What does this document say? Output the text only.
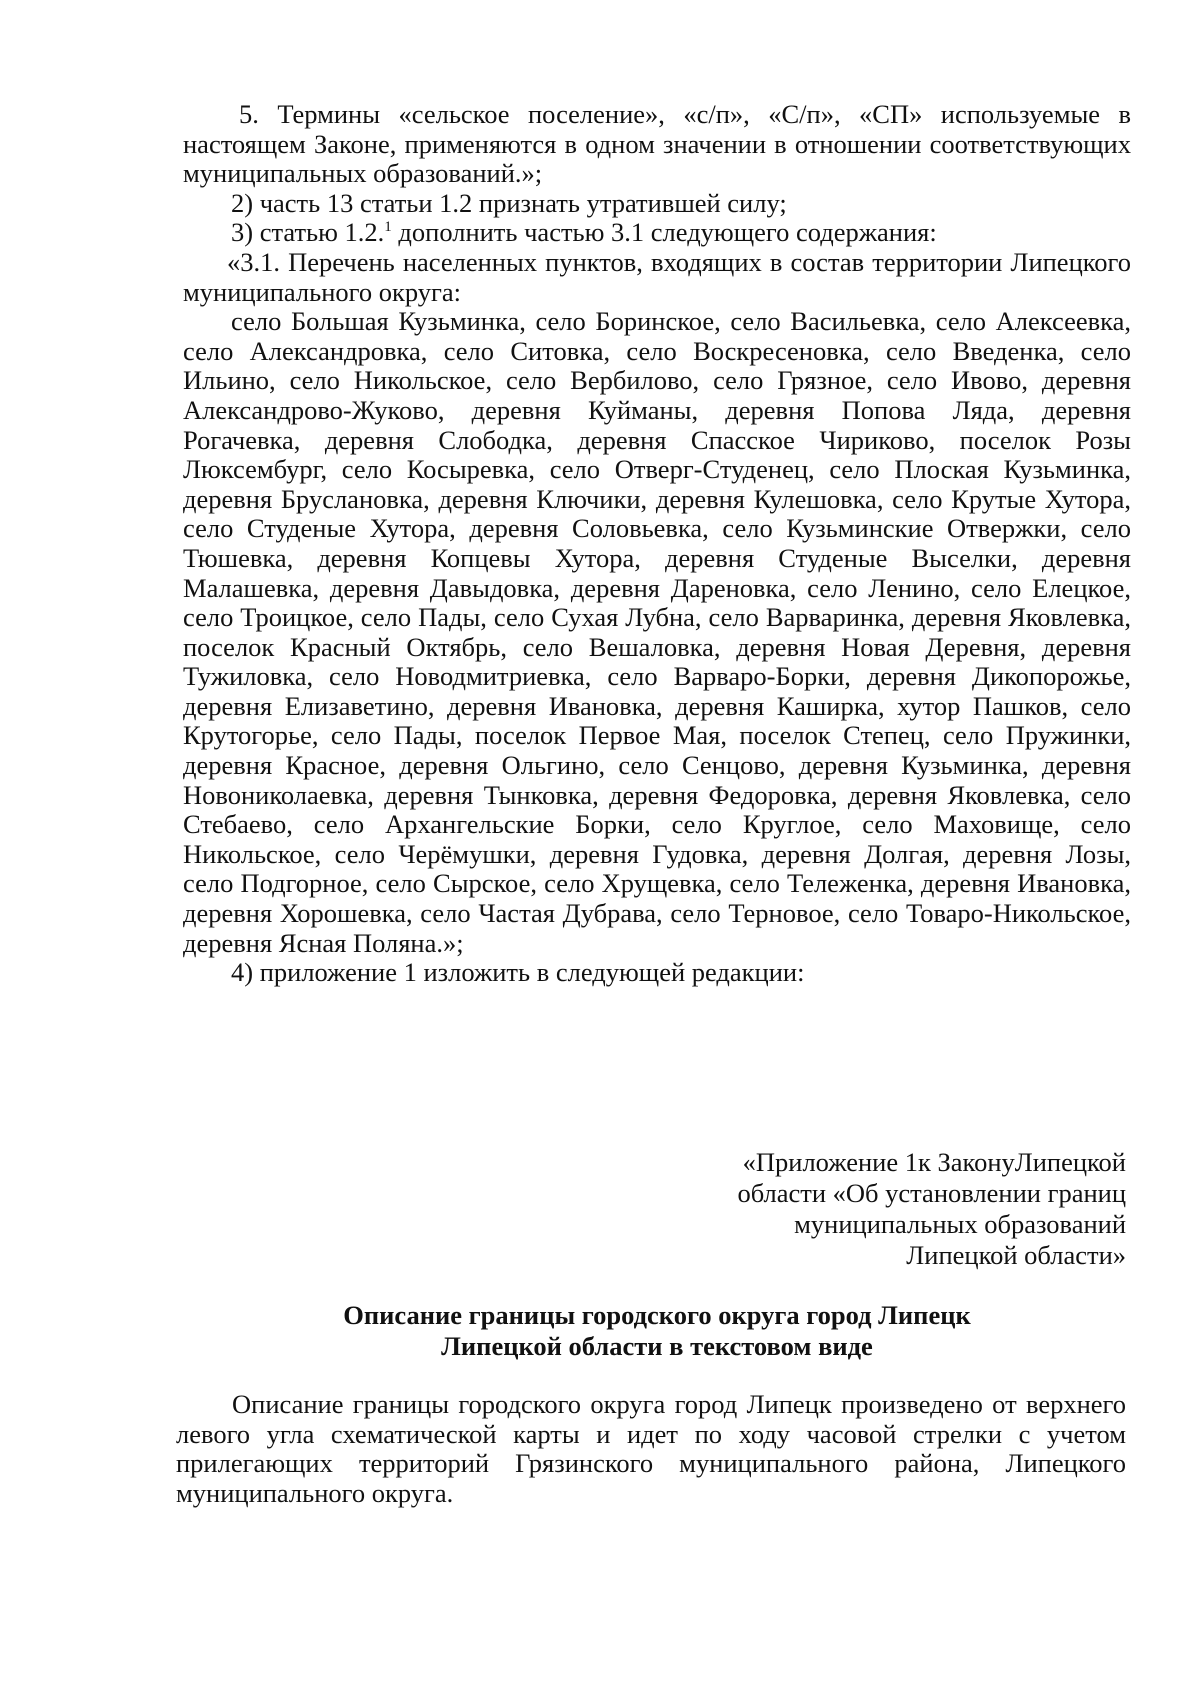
5. Термины «сельское поселение», «с/п», «С/п», «СП» используемые в настоящем Законе, применяются в одном значении в отношении соответствующих муниципальных образований.»;

2) часть 13 статьи 1.2 признать утратившей силу;

3) статью 1.2.$^1$ дополнить частью 3.1 следующего содержания:

«3.1. Перечень населенных пунктов, входящих в состав территории Липецкого муниципального округа:

село Большая Кузьминка, село Боринское, село Васильевка, село Алексеевка, село Александровка, село Ситовка, село Воскресеновка, село Введенка, село Ильино, село Никольское, село Вербилово, село Грязное, село Ивово, деревня Александрово-Жуково, деревня Куйманы, деревня Попова Ляда, деревня Рогачевка, деревня Слободка, деревня Спасское Чириково, поселок Розы Люксембург, село Косыревка, село Отверг-Студенец, село Плоская Кузьминка, деревня Бруслановка, деревня Ключики, деревня Кулешовка, село Крутые Хутора, село Студеные Хутора, деревня Соловьевка, село Кузьминские Отвержки, село Тюшевка, деревня Копцевы Хутора, деревня Студеные Выселки, деревня Малашевка, деревня Давыдовка, деревня Дареновка, село Ленино, село Елецкое, село Троицкое, село Пады, село Сухая Лубна, село Варваринка, деревня Яковлевка, поселок Красный Октябрь, село Вешаловка, деревня Новая Деревня, деревня Тужиловка, село Новодмитриевка, село Варваро-Борки, деревня Дикопорожье, деревня Елизаветино, деревня Ивановка, деревня Каширка, хутор Пашков, село Крутогорье, село Пады, поселок Первое Мая, поселок Степец, село Пружинки, деревня Красное, деревня Ольгино, село Сенцово, деревня Кузьминка, деревня Новониколаевка, деревня Тынковка, деревня Федоровка, деревня Яковлевка, село Стебаево, село Архангельские Борки, село Круглое, село Маховище, село Никольское, село Черёмушки, деревня Гудовка, деревня Долгая, деревня Лозы, село Подгорное, село Сырское, село Хрущевка, село Тележенка, деревня Ивановка, деревня Хорошевка, село Частая Дубрава, село Терновое, село Товаро-Никольское, деревня Ясная Поляна.»;

4) приложение 1 изложить в следующей редакции:

«Приложение 1к ЗаконуЛипецкой
области «Об установлении границ
муниципальных образований
Липецкой области»
Описание границы городского округа город Липецк
Липецкой области в текстовом виде

Описание границы городского округа город Липецк произведено от верхнего левого угла схематической карты и идет по ходу часовой стрелки с учетом прилегающих территорий Грязинского муниципального района, Липецкого муниципального округа.
